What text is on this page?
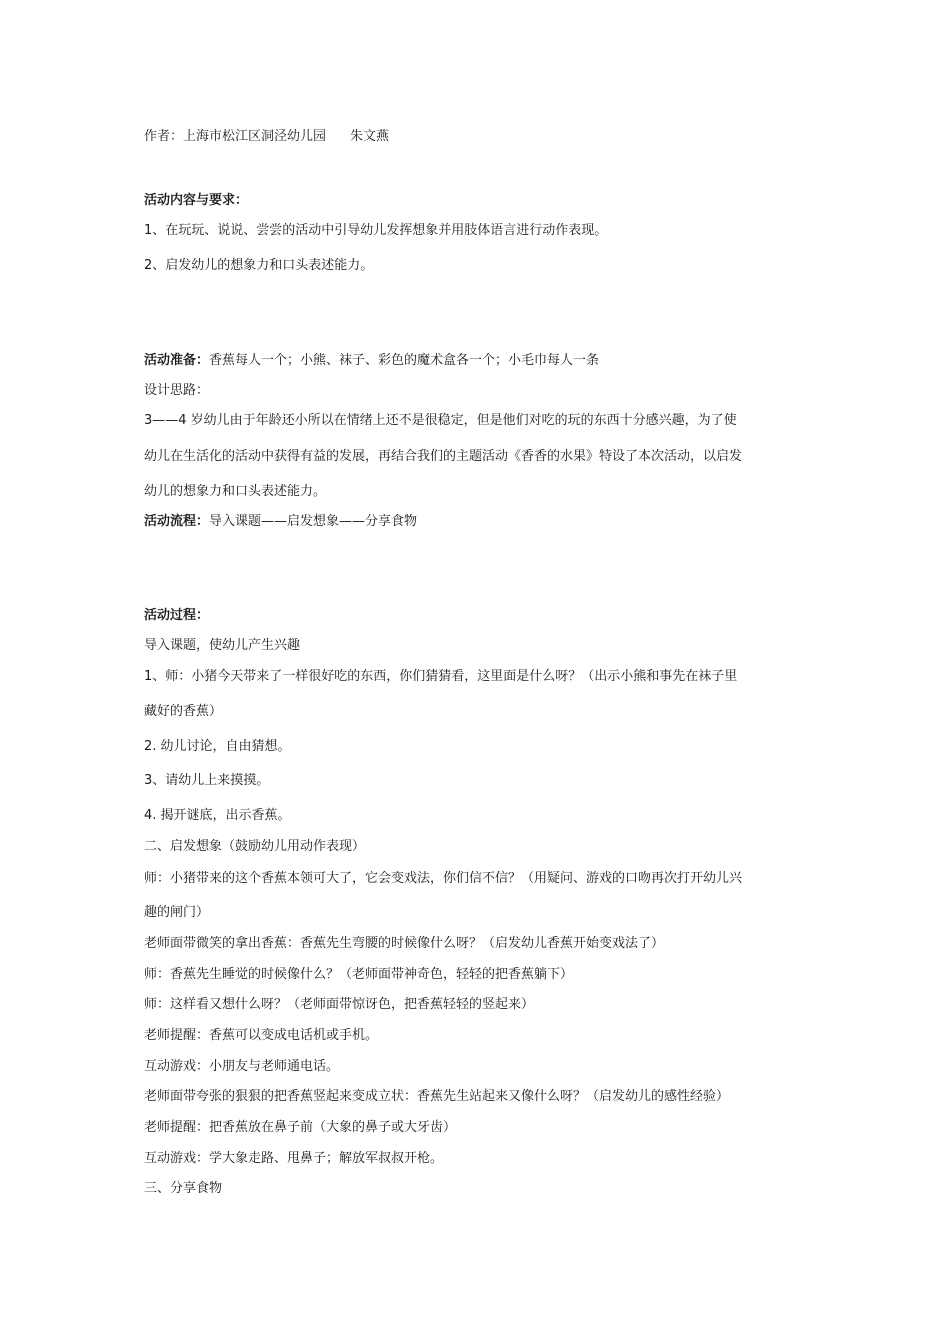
作者：上海市松江区洞泾幼儿园 朱文燕
活动内容与要求：
1、在玩玩、说说、尝尝的活动中引导幼儿发挥想象并用肢体语言进行动作表现。
2、启发幼儿的想象力和口头表述能力。
活动准备：香蕉每人一个；小熊、袜子、彩色的魔术盒各一个；小毛巾每人一条
设计思路：
3——4 岁幼儿由于年龄还小所以在情绪上还不是很稳定，但是他们对吃的玩的东西十分感兴趣，为了使
幼儿在生活化的活动中获得有益的发展，再结合我们的主题活动《香香的水果》特设了本次活动，以启发
幼儿的想象力和口头表述能力。
活动流程：导入课题——启发想象——分享食物
活动过程：
导入课题，使幼儿产生兴趣
1、师：小猪今天带来了一样很好吃的东西，你们猜猜看，这里面是什么呀？（出示小熊和事先在袜子里
藏好的香蕉）
2. 幼儿讨论，自由猜想。
3、请幼儿上来摸摸。
4. 揭开谜底，出示香蕉。
二、启发想象（鼓励幼儿用动作表现）
师：小猪带来的这个香蕉本领可大了，它会变戏法，你们信不信？（用疑问、游戏的口吻再次打开幼儿兴
趣的闸门）
老师面带微笑的拿出香蕉：香蕉先生弯腰的时候像什么呀？（启发幼儿香蕉开始变戏法了）
师：香蕉先生睡觉的时候像什么？（老师面带神奇色，轻轻的把香蕉躺下）
师：这样看又想什么呀？（老师面带惊讶色，把香蕉轻轻的竖起来）
老师提醒：香蕉可以变成电话机或手机。
互动游戏：小朋友与老师通电话。
老师面带夸张的狠狠的把香蕉竖起来变成立状：香蕉先生站起来又像什么呀？（启发幼儿的感性经验）
老师提醒：把香蕉放在鼻子前（大象的鼻子或大牙齿）
互动游戏：学大象走路、甩鼻子；解放军叔叔开枪。
三、分享食物
